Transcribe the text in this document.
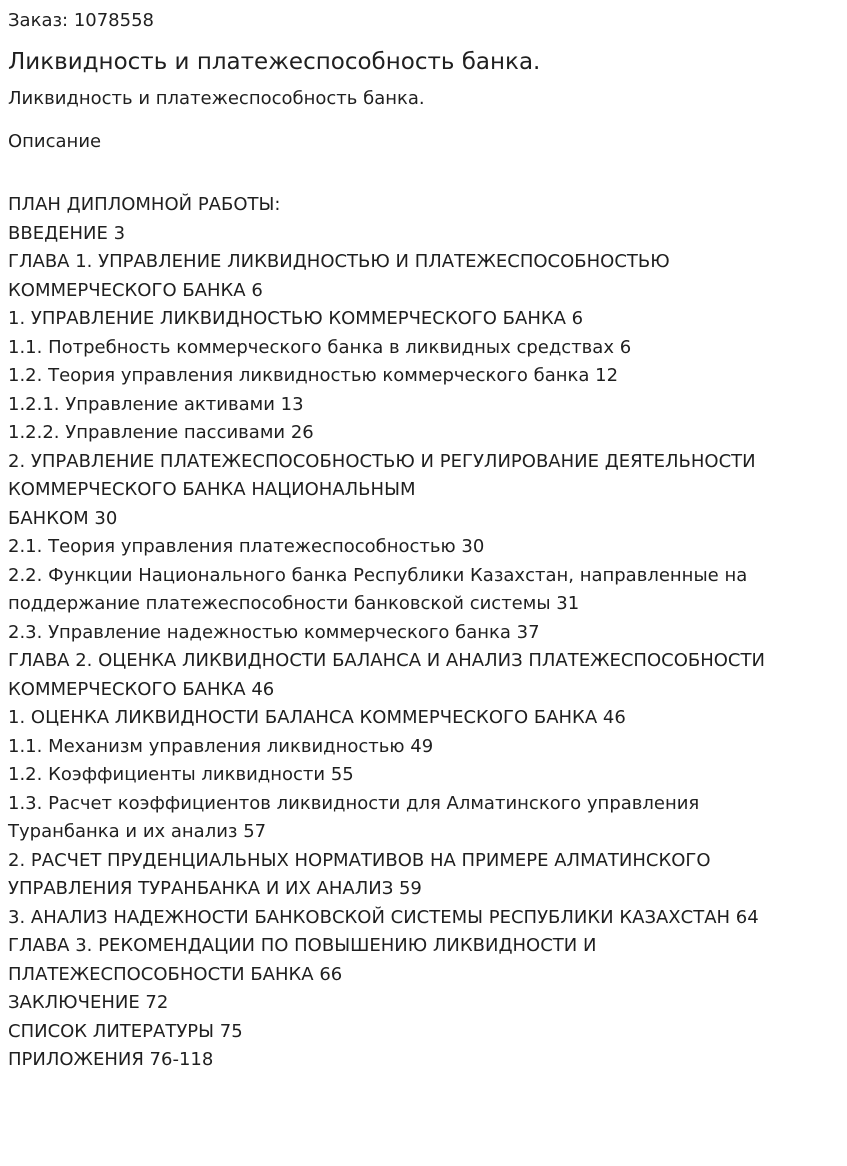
Заказ: 1078558
Ликвидность и платежеспособность банка.
Ликвидность и платежеспособность банка.
Описание
ПЛАН ДИПЛОМНОЙ РАБОТЫ:
ВВЕДЕНИЕ 3
ГЛАВА 1. УПРАВЛЕНИЕ ЛИКВИДНОСТЬЮ И ПЛАТЕЖЕСПОСОБНОСТЬЮ
КОММЕРЧЕСКОГО БАНКА 6
1. УПРАВЛЕНИЕ ЛИКВИДНОСТЬЮ КОММЕРЧЕСКОГО БАНКА 6
1.1. Потребность коммерческого банка в ликвидных средствах 6
1.2. Теория управления ликвидностью коммерческого банка 12
1.2.1. Управление активами 13
1.2.2. Управление пассивами 26
2. УПРАВЛЕНИЕ ПЛАТЕЖЕСПОСОБНОСТЬЮ И РЕГУЛИРОВАНИЕ ДЕЯТЕЛЬНОСТИ
КОММЕРЧЕСКОГО БАНКА НАЦИОНАЛЬНЫМ
БАНКОМ 30
2.1. Теория управления платежеспособностью 30
2.2. Функции Национального банка Республики Казахстан, направленные на
поддержание платежеспособности банковской системы 31
2.3. Управление надежностью коммерческого банка 37
ГЛАВА 2. ОЦЕНКА ЛИКВИДНОСТИ БАЛАНСА И АНАЛИЗ ПЛАТЕЖЕСПОСОБНОСТИ
КОММЕРЧЕСКОГО БАНКА 46
1. ОЦЕНКА ЛИКВИДНОСТИ БАЛАНСА КОММЕРЧЕСКОГО БАНКА 46
1.1. Механизм управления ликвидностью 49
1.2. Коэффициенты ликвидности 55
1.3. Расчет коэффициентов ликвидности для Алматинского управления
Туранбанка и их анализ 57
2. РАСЧЕТ ПРУДЕНЦИАЛЬНЫХ НОРМАТИВОВ НА ПРИМЕРЕ АЛМАТИНСКОГО
УПРАВЛЕНИЯ ТУРАНБАНКА И ИХ АНАЛИЗ 59
3. АНАЛИЗ НАДЕЖНОСТИ БАНКОВСКОЙ СИСТЕМЫ РЕСПУБЛИКИ КАЗАХСТАН 64
ГЛАВА 3. РЕКОМЕНДАЦИИ ПО ПОВЫШЕНИЮ ЛИКВИДНОСТИ И
ПЛАТЕЖЕСПОСОБНОСТИ БАНКА 66
ЗАКЛЮЧЕНИЕ 72
СПИСОК ЛИТЕРАТУРЫ 75
ПРИЛОЖЕНИЯ 76-118
